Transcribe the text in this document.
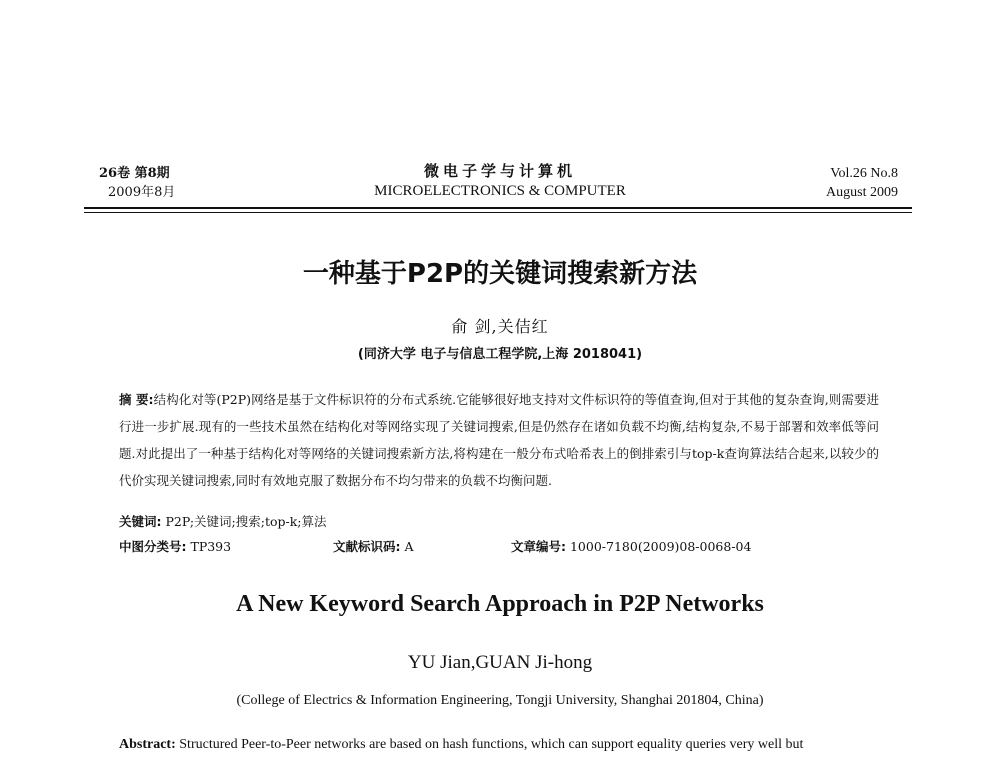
26卷 第8期
2009年8月
微电子学与计算机
MICROELECTRONICS & COMPUTER
Vol.26 No.8
August 2009
一种基于P2P的关键词搜索新方法
俞 剑,关佶红
(同济大学 电子与信息工程学院,上海 2018041)
摘 要:结构化对等(P2P)网络是基于文件标识符的分布式系统.它能够很好地支持对文件标识符的等值查询,但对于其他的复杂查询,则需要进行进一步扩展.现有的一些技术虽然在结构化对等网络实现了关键词搜索,但是仍然存在诸如负载不均衡,结构复杂,不易于部署和效率低等问题.对此提出了一种基于结构化对等网络的关键词搜索新方法,将构建在一般分布式哈希表上的倒排索引与top-k查询算法结合起来,以较少的代价实现关键词搜索,同时有效地克服了数据分布不均匀带来的负载不均衡问题.
关键词: P2P;关键词;搜索;top-k;算法
中图分类号: TP393	文献标识码: A	文章编号: 1000-7180(2009)08-0068-04
A New Keyword Search Approach in P2P Networks
YU Jian,GUAN Ji-hong
(College of Electrics & Information Engineering, Tongji University, Shanghai 201804, China)
Abstract: Structured Peer-to-Peer networks are based on hash functions, which can support equality queries very well but
